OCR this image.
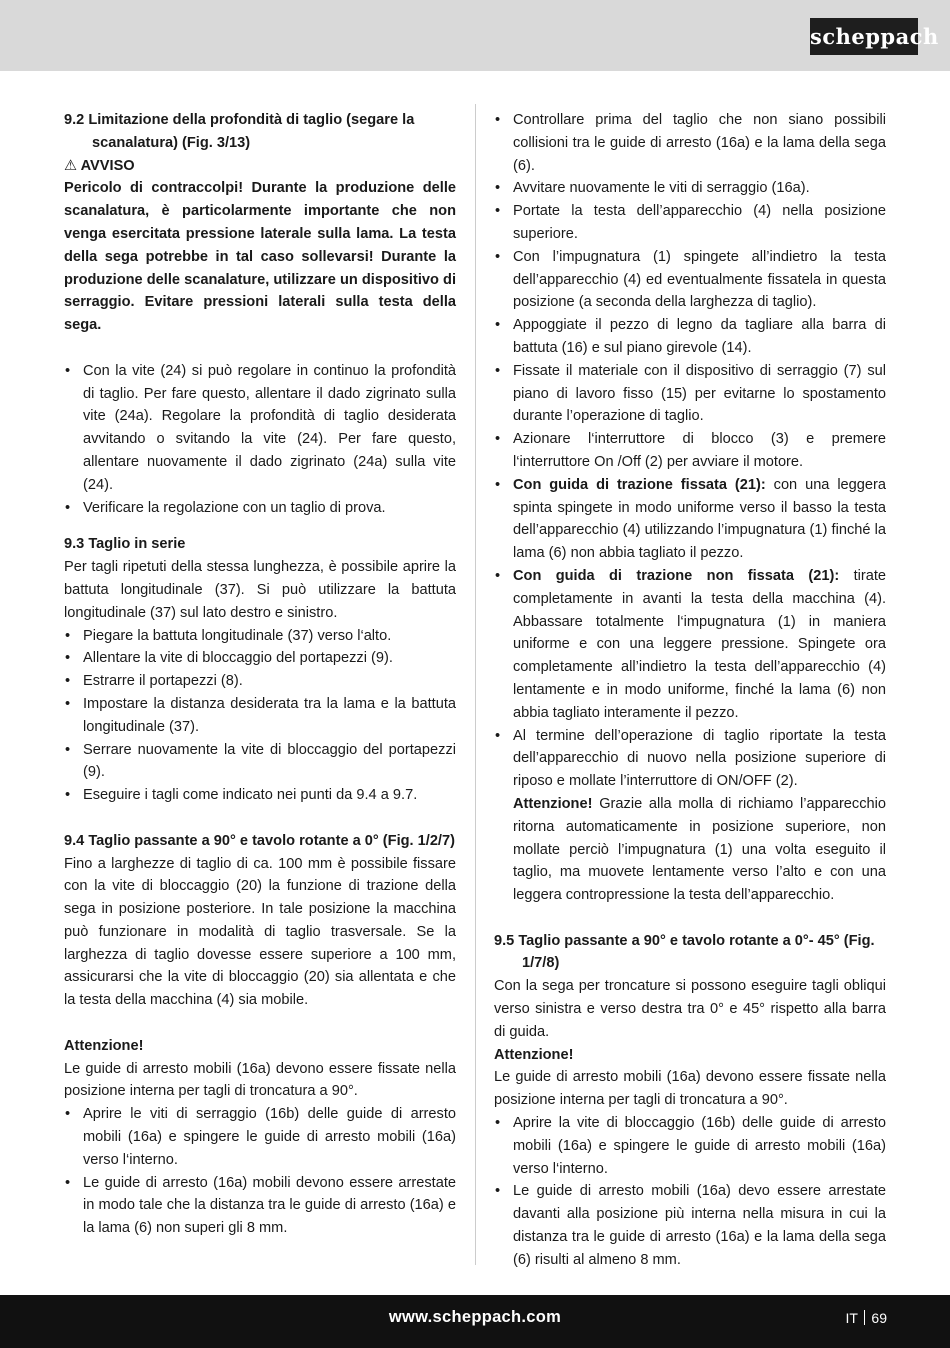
scheppach
9.2 Limitazione della profondità di taglio (segare la scanalatura) (Fig. 3/13)
⚠ AVVISO
Pericolo di contraccolpi! Durante la produzione delle scanalatura, è particolarmente importante che non venga esercitata pressione laterale sulla lama. La testa della sega potrebbe in tal caso sollevarsi! Durante la produzione delle scanalature, utilizzare un dispositivo di serraggio. Evitare pressioni laterali sulla testa della sega.
• Con la vite (24) si può regolare in continuo la profondità di taglio. Per fare questo, allentare il dado zigrinato sulla vite (24a). Regolare la profondità di taglio desiderata avvitando o svitando la vite (24). Per fare questo, allentare nuovamente il dado zigrinato (24a) sulla vite (24).
• Verificare la regolazione con un taglio di prova.
9.3 Taglio in serie
Per tagli ripetuti della stessa lunghezza, è possibile aprire la battuta longitudinale (37). Si può utilizzare la battuta longitudinale (37) sul lato destro e sinistro.
• Piegare la battuta longitudinale (37) verso l‘alto.
• Allentare la vite di bloccaggio del portapezzi (9).
• Estrarre il portapezzi (8).
• Impostare la distanza desiderata tra la lama e la battuta longitudinale (37).
• Serrare nuovamente la vite di bloccaggio del portapezzi (9).
• Eseguire i tagli come indicato nei punti da 9.4 a 9.7.
9.4 Taglio passante a 90° e tavolo rotante a 0° (Fig. 1/2/7)
Fino a larghezze di taglio di ca. 100 mm è possibile fissare con la vite di bloccaggio (20) la funzione di trazione della sega in posizione posteriore. In tale posizione la macchina può funzionare in modalità di taglio trasversale. Se la larghezza di taglio dovesse essere superiore a 100 mm, assicurarsi che la vite di bloccaggio (20) sia allentata e che la testa della macchina (4) sia mobile.
Attenzione!
Le guide di arresto mobili (16a) devono essere fissate nella posizione interna per tagli di troncatura a 90°.
• Aprire le viti di serraggio (16b) delle guide di arresto mobili (16a) e spingere le guide di arresto mobili (16a) verso l‘interno.
• Le guide di arresto (16a) mobili devono essere arrestate in modo tale che la distanza tra le guide di arresto (16a) e la lama (6) non superi gli 8 mm.
• Controllare prima del taglio che non siano possibili collisioni tra le guide di arresto (16a) e la lama della sega (6).
• Avvitare nuovamente le viti di serraggio (16a).
• Portate la testa dell’apparecchio (4) nella posizione superiore.
• Con l’impugnatura (1) spingete all’indietro la testa dell’apparecchio (4) ed eventualmente fissatela in questa posizione (a seconda della larghezza di taglio).
• Appoggiate il pezzo di legno da tagliare alla barra di battuta (16) e sul piano girevole (14).
• Fissate il materiale con il dispositivo di serraggio (7) sul piano di lavoro fisso (15) per evitarne lo spostamento durante l’operazione di taglio.
• Azionare l‘interruttore di blocco (3) e premere l‘interruttore On /Off (2) per avviare il motore.
• Con guida di trazione fissata (21): con una leggera spinta spingete in modo uniforme verso il basso la testa dell’apparecchio (4) utilizzando l’impugnatura (1) finché la lama (6) non abbia tagliato il pezzo.
• Con guida di trazione non fissata (21): tirate completamente in avanti la testa della macchina (4). Abbassare totalmente l‘impugnatura (1) in maniera uniforme e con una leggere pressione. Spingete ora completamente all’indietro la testa dell’apparecchio (4) lentamente e in modo uniforme, finché la lama (6) non abbia tagliato interamente il pezzo.
• Al termine dell’operazione di taglio riportate la testa dell’apparecchio di nuovo nella posizione superiore di riposo e mollate l’interruttore di ON/OFF (2).
Attenzione! Grazie alla molla di richiamo l’apparecchio ritorna automaticamente in posizione superiore, non mollate perciò l’impugnatura (1) una volta eseguito il taglio, ma muovete lentamente verso l’alto e con una leggera contropressione la testa dell’apparecchio.
9.5 Taglio passante a 90° e tavolo rotante a 0°- 45° (Fig. 1/7/8)
Con la sega per troncature si possono eseguire tagli obliqui verso sinistra e verso destra tra 0° e 45° rispetto alla barra di guida.
Attenzione!
Le guide di arresto mobili (16a) devono essere fissate nella posizione interna per tagli di troncatura a 90°.
• Aprire la vite di bloccaggio (16b) delle guide di arresto mobili (16a) e spingere le guide di arresto mobili (16a) verso l‘interno.
• Le guide di arresto mobili (16a) devo essere arrestate davanti alla posizione più interna nella misura in cui la distanza tra le guide di arresto (16a) e la lama della sega (6) risulti al almeno 8 mm.
www.scheppach.com	IT 69
